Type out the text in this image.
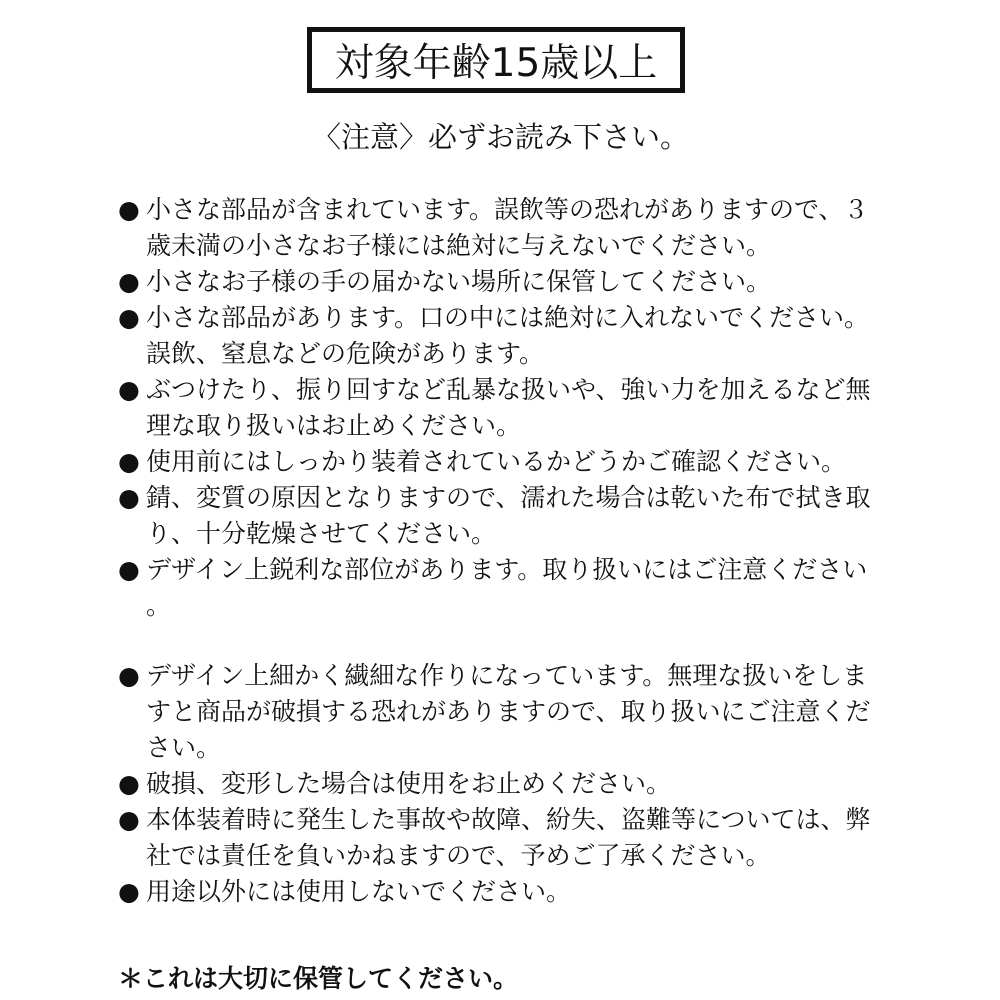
対象年齢15歳以上
〈注意〉必ずお読み下さい。
● 小さな部品が含まれています。誤飲等の恐れがありますので、３歳未満の小さなお子様には絶対に与えないでください。
● 小さなお子様の手の届かない場所に保管してください。
● 小さな部品があります。口の中には絶対に入れないでください。誤飲、窒息などの危険があります。
● ぶつけたり、振り回すなど乱暴な扱いや、強い力を加えるなど無理な取り扱いはお止めください。
● 使用前にはしっかり装着されているかどうかご確認ください。
● 錆、変質の原因となりますので、濡れた場合は乾いた布で拭き取り、十分乾燥させてください。
● デザイン上鋭利な部位があります。取り扱いにはご注意ください。
● デザイン上細かく繊細な作りになっています。無理な扱いをしますと商品が破損する恐れがありますので、取り扱いにご注意ください。
● 破損、変形した場合は使用をお止めください。
● 本体装着時に発生した事故や故障、紛失、盗難等については、弊社では責任を負いかねますので、予めご了承ください。
● 用途以外には使用しないでください。
＊これは大切に保管してください。
